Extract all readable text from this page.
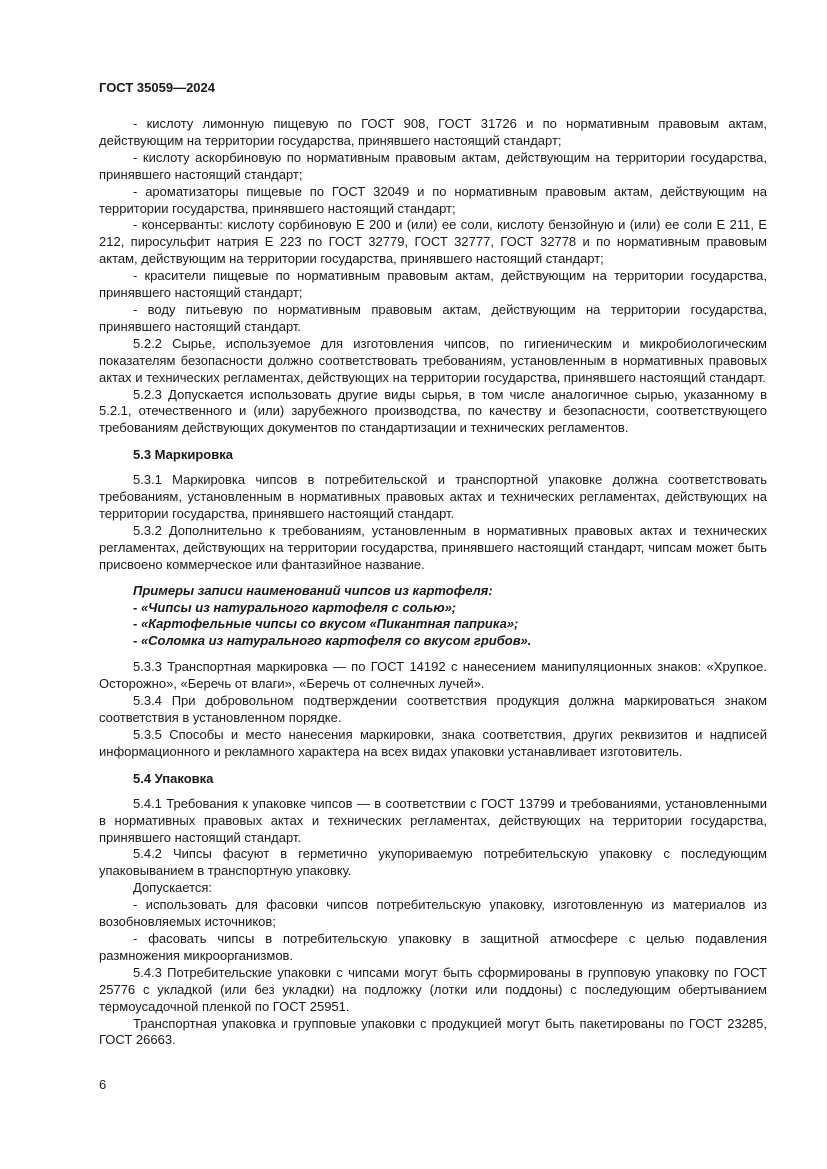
ГОСТ 35059—2024

- кислоту лимонную пищевую по ГОСТ 908, ГОСТ 31726 и по нормативным правовым актам, действующим на территории государства, принявшего настоящий стандарт;

- кислоту аскорбиновую по нормативным правовым актам, действующим на территории государства, принявшего настоящий стандарт;

- ароматизаторы пищевые по ГОСТ 32049 и по нормативным правовым актам, действующим на территории государства, принявшего настоящий стандарт;

- консерванты: кислоту сорбиновую Е 200 и (или) ее соли, кислоту бензойную и (или) ее соли Е 211, Е 212, пиросульфит натрия Е 223 по ГОСТ 32779, ГОСТ 32777, ГОСТ 32778 и по нормативным правовым актам, действующим на территории государства, принявшего настоящий стандарт;

- красители пищевые по нормативным правовым актам, действующим на территории государства, принявшего настоящий стандарт;

- воду питьевую по нормативным правовым актам, действующим на территории государства, принявшего настоящий стандарт.

5.2.2 Сырье, используемое для изготовления чипсов, по гигиеническим и микробиологическим показателям безопасности должно соответствовать требованиям, установленным в нормативных правовых актах и технических регламентах, действующих на территории государства, принявшего настоящий стандарт.

5.2.3 Допускается использовать другие виды сырья, в том числе аналогичное сырью, указанному в 5.2.1, отечественного и (или) зарубежного производства, по качеству и безопасности, соответствующего требованиям действующих документов по стандартизации и технических регламентов.

5.3 Маркировка

5.3.1 Маркировка чипсов в потребительской и транспортной упаковке должна соответствовать требованиям, установленным в нормативных правовых актах и технических регламентах, действующих на территории государства, принявшего настоящий стандарт.

5.3.2 Дополнительно к требованиям, установленным в нормативных правовых актах и технических регламентах, действующих на территории государства, принявшего настоящий стандарт, чипсам может быть присвоено коммерческое или фантазийное название.

Примеры записи наименований чипсов из картофеля:
- «Чипсы из натурального картофеля с солью»;
- «Картофельные чипсы со вкусом «Пикантная паприка»;
- «Соломка из натурального картофеля со вкусом грибов».

5.3.3 Транспортная маркировка — по ГОСТ 14192 с нанесением манипуляционных знаков: «Хрупкое. Осторожно», «Беречь от влаги», «Беречь от солнечных лучей».

5.3.4 При добровольном подтверждении соответствия продукция должна маркироваться знаком соответствия в установленном порядке.

5.3.5 Способы и место нанесения маркировки, знака соответствия, других реквизитов и надписей информационного и рекламного характера на всех видах упаковки устанавливает изготовитель.

5.4 Упаковка

5.4.1 Требования к упаковке чипсов — в соответствии с ГОСТ 13799 и требованиями, установленными в нормативных правовых актах и технических регламентах, действующих на территории государства, принявшего настоящий стандарт.

5.4.2 Чипсы фасуют в герметично укупориваемую потребительскую упаковку с последующим упаковыванием в транспортную упаковку.

Допускается:

- использовать для фасовки чипсов потребительскую упаковку, изготовленную из материалов из возобновляемых источников;

- фасовать чипсы в потребительскую упаковку в защитной атмосфере с целью подавления размножения микроорганизмов.

5.4.3 Потребительские упаковки с чипсами могут быть сформированы в групповую упаковку по ГОСТ 25776 с укладкой (или без укладки) на подложку (лотки или поддоны) с последующим обертыванием термоусадочной пленкой по ГОСТ 25951.

Транспортная упаковка и групповые упаковки с продукцией могут быть пакетированы по ГОСТ 23285, ГОСТ 26663.

6
